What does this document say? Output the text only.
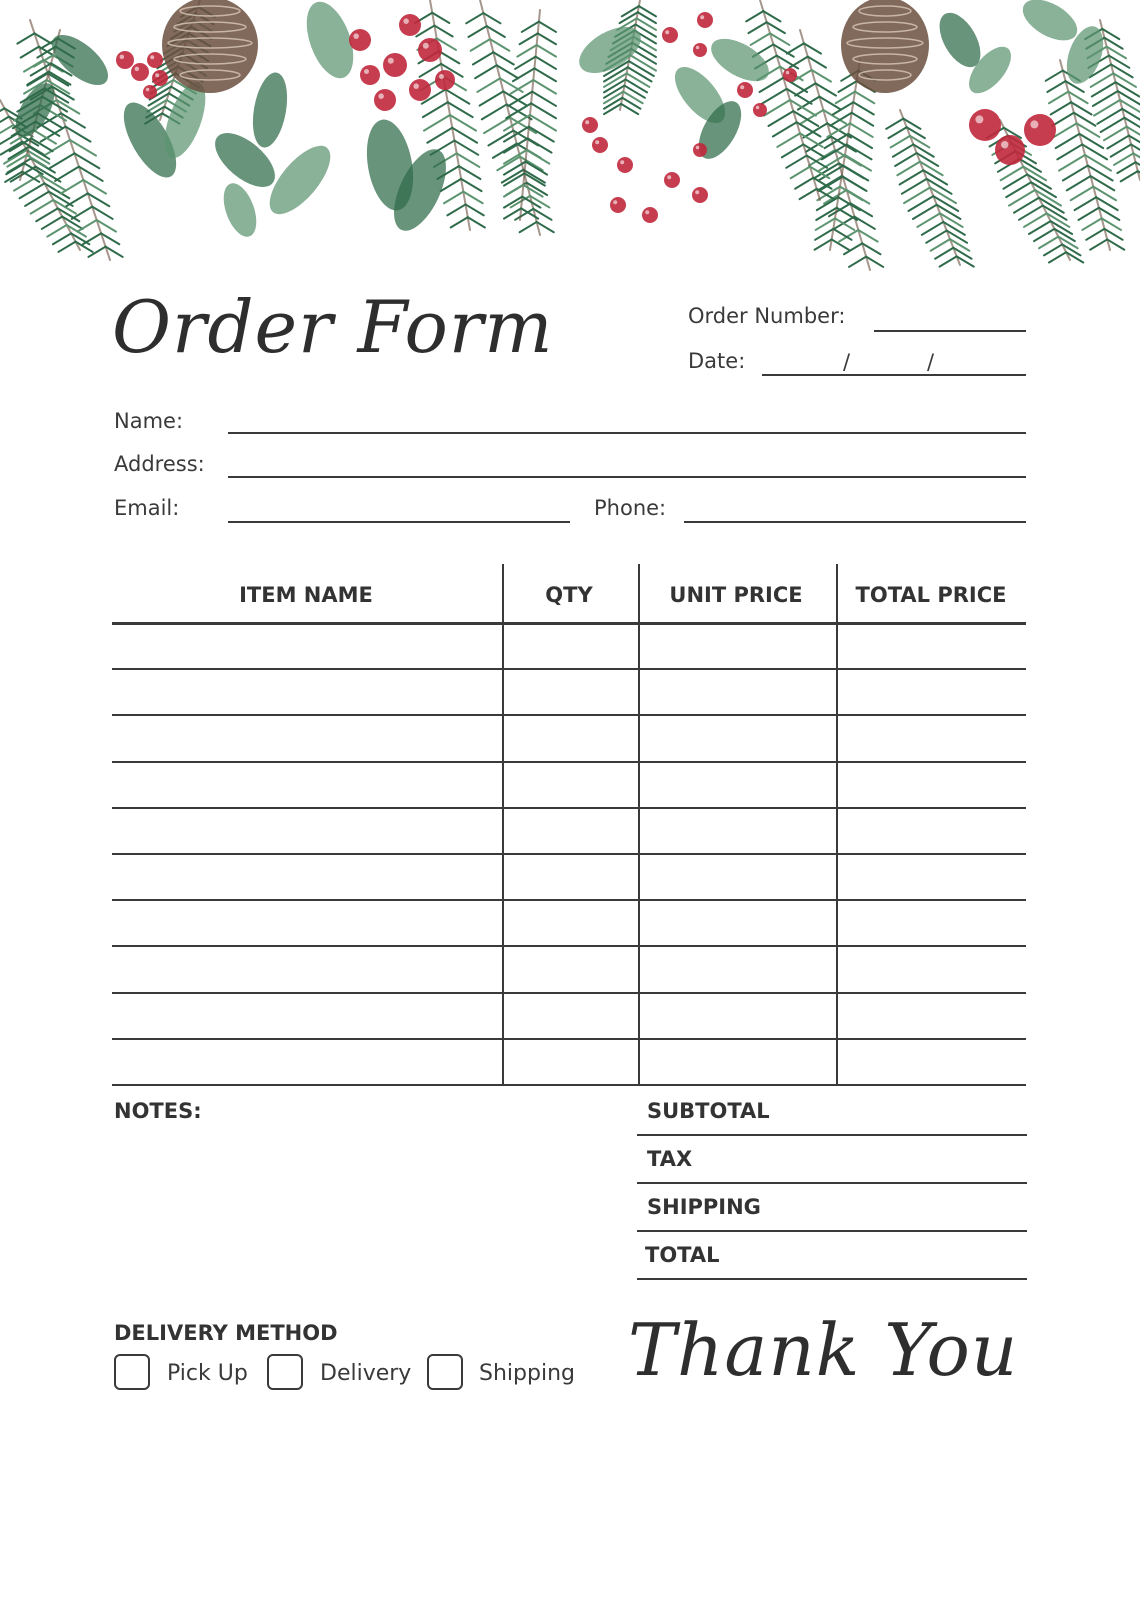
Order Form	Order Number:
Date:	/	/
Name:
Address:
Email:	Phone:
ITEM NAME	QTY	UNIT PRICE	TOTAL PRICE
NOTES:	SUBTOTAL
TAX
SHIPPING
TOTAL
DELIVERY METHOD
Pick Up	Delivery	Shipping Thank You
